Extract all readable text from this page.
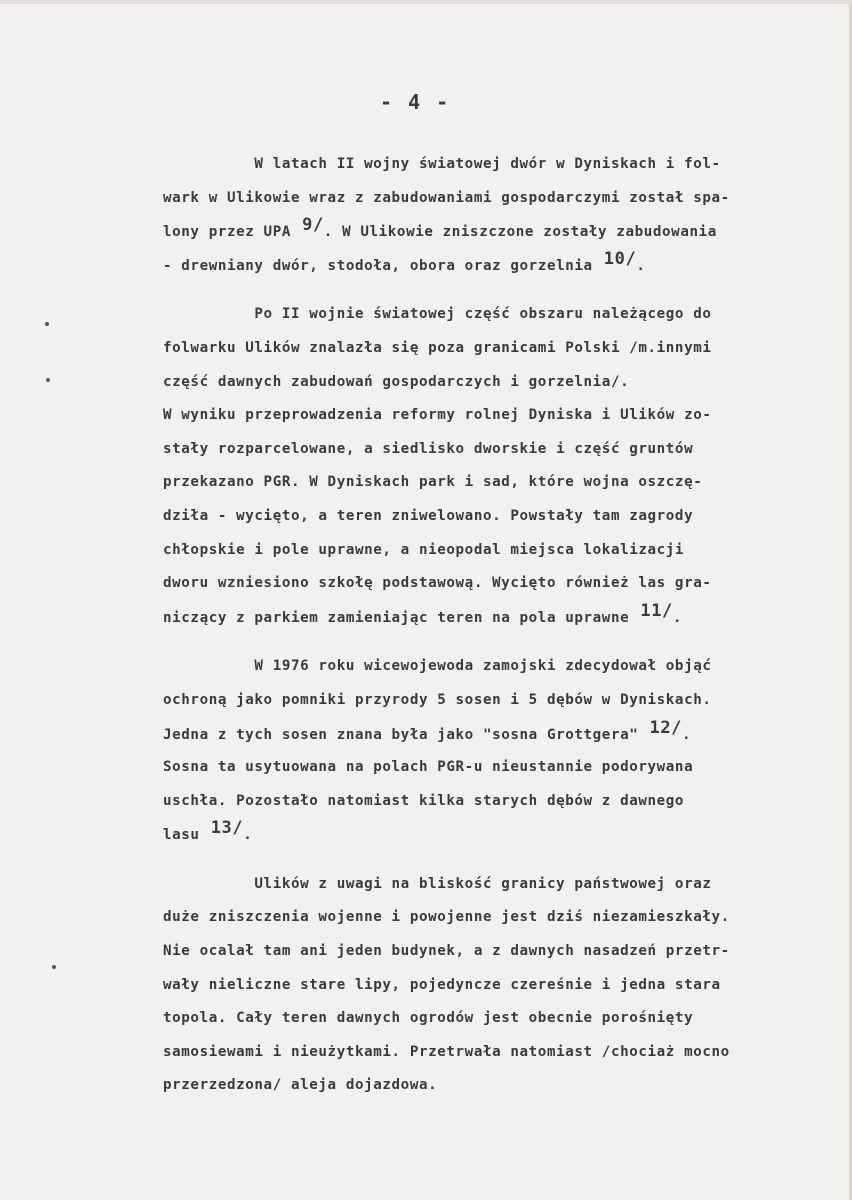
- 4 -
W latach II wojny światowej dwór w Dyniskach i fol-
wark w Ulikowie wraz z zabudowaniami gospodarczymi został spa-
lony przez UPA 9/. W Ulikowie zniszczone zostały zabudowania
- drewniany dwór, stodoła, obora oraz gorzelnia 10/.
Po II wojnie światowej część obszaru należącego do
folwarku Ulików znalazła się poza granicami Polski /m.innymi
część dawnych zabudowań gospodarczych i gorzelnia/.
W wyniku przeprowadzenia reformy rolnej Dyniska i Ulików zo-
stały rozparcelowane, a siedlisko dworskie i część gruntów
przekazano PGR. W Dyniskach park i sad, które wojna oszczę-
dziła - wycięto, a teren zniwelowano. Powstały tam zagrody
chłopskie i pole uprawne, a nieopodal miejsca lokalizacji
dworu wzniesiono szkołę podstawową. Wycięto również las gra-
niczący z parkiem zamieniając teren na pola uprawne 11/.
W 1976 roku wicewojewoda zamojski zdecydował objąć
ochroną jako pomniki przyrody 5 sosen i 5 dębów w Dyniskach.
Jedna z tych sosen znana była jako "sosna Grottgera" 12/.
Sosna ta usytuowana na polach PGR-u nieustannie podorywana
uschła. Pozostało natomiast kilka starych dębów z dawnego
lasu 13/.
Ulików z uwagi na bliskość granicy państwowej oraz
duże zniszczenia wojenne i powojenne jest dziś niezamieszkały.
Nie ocalał tam ani jeden budynek, a z dawnych nasadzeń przetr-
wały nieliczne stare lipy, pojedyncze czereśnie i jedna stara
topola. Cały teren dawnych ogrodów jest obecnie porośnięty
samosiewami i nieużytkami. Przetrwała natomiast /chociaż mocno
przerzedzona/ aleja dojazdowa.
